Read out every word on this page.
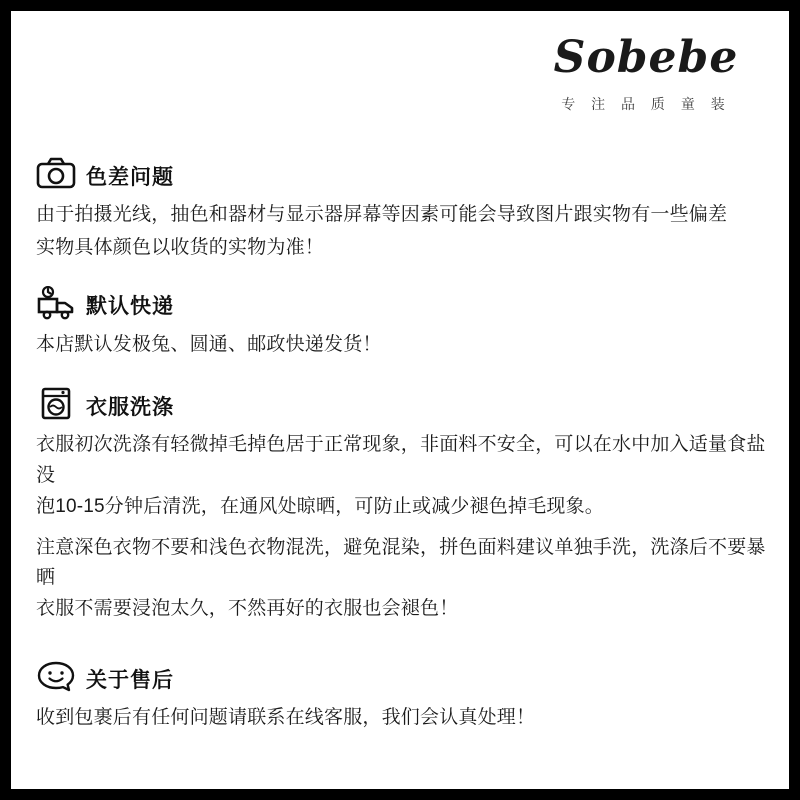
Sobebe
专 注 品 质 童 装
色差问题

由于拍摄光线，抽色和器材与显示器屏幕等因素可能会导致图片跟实物有一些偏差

实物具体颜色以收货的实物为准！

默认快递

本店默认发极兔、圆通、邮政快递发货！

衣服洗涤

衣服初次洗涤有轻微掉毛掉色居于正常现象，非面料不安全，可以在水中加入适量食盐没

泡10-15分钟后清洗，在通风处晾晒，可防止或减少褪色掉毛现象。

注意深色衣物不要和浅色衣物混洗，避免混染，拼色面料建议单独手洗，洗涤后不要暴晒

衣服不需要浸泡太久，不然再好的衣服也会褪色！

关于售后

收到包裹后有任何问题请联系在线客服，我们会认真处理！
